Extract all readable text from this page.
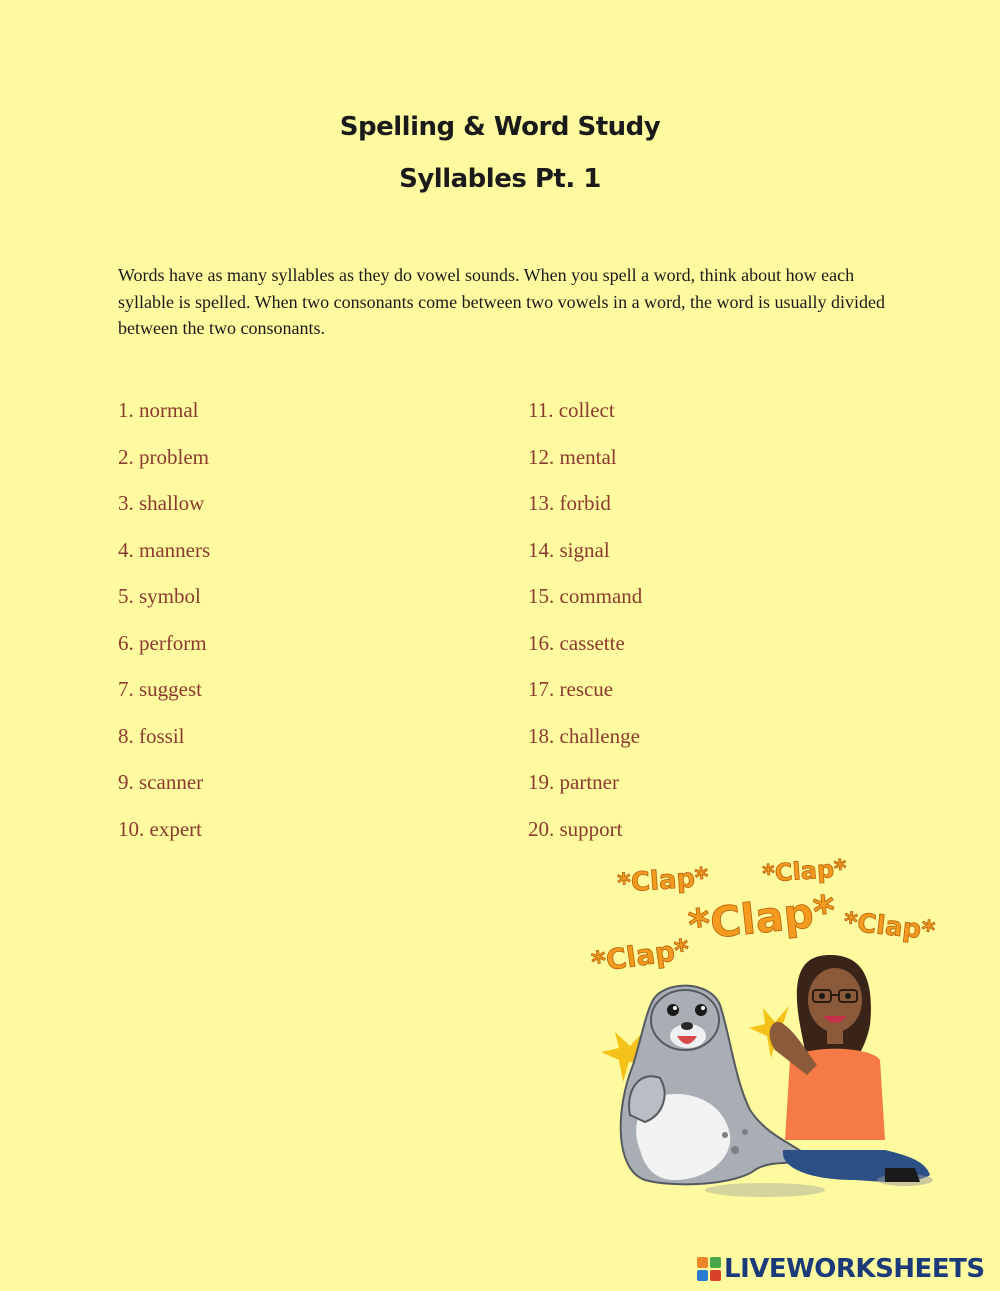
Spelling & Word Study
Syllables Pt. 1
Words have as many syllables as they do vowel sounds. When you spell a word, think about how each syllable is spelled. When two consonants come between two vowels in a word, the word is usually divided between the two consonants.
1. normal
2. problem
3. shallow
4. manners
5. symbol
6. perform
7. suggest
8. fossil
9. scanner
10. expert
11. collect
12. mental
13. forbid
14. signal
15. command
16. cassette
17. rescue
18. challenge
19. partner
20. support
*Clap* *Clap*
*Clap* *Clap*
*Clap*
LIVEWORKSHEETS
